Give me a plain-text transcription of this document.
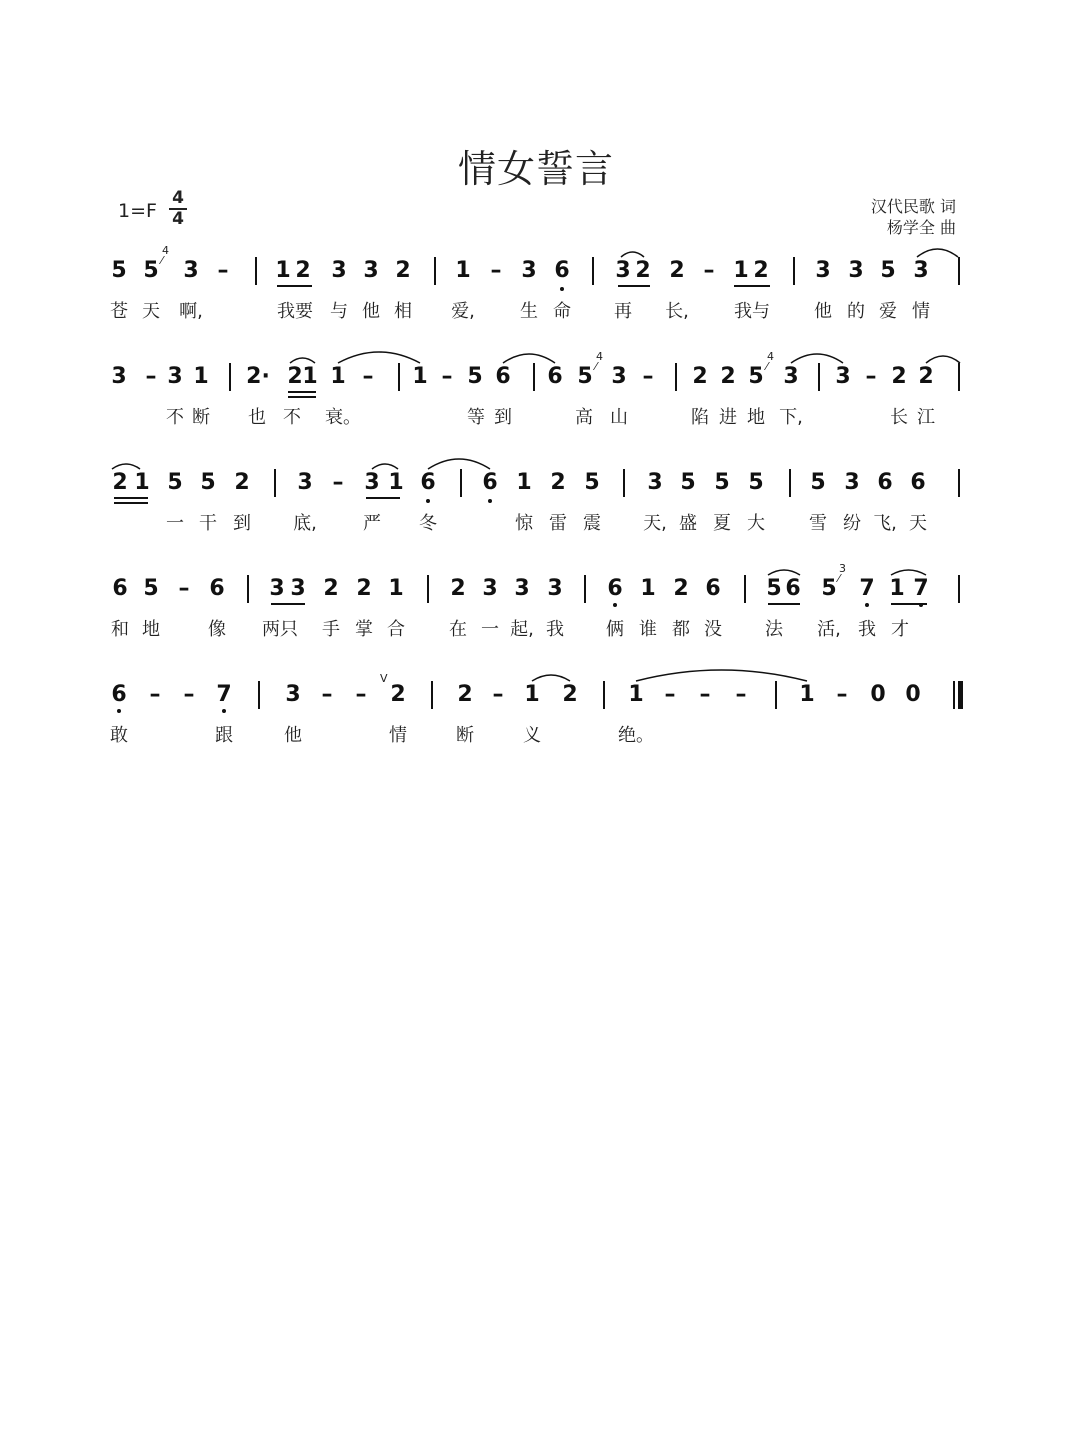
情女誓言
1=F
4
4
汉代民歌 词
杨学全 曲
5 5 3 – 1 2 3 3 2 1 – 3 6 3 2 2 – 1 2 3 3 5 3
4
⁄
苍 天 啊,	我要 与 他 相 爱,	生 命 再 长,	我与 他 的 爱 情
3 – 3 1 2· 2 1 1 – 1 – 5 6 6 5 3 – 2 2 5 3 3 – 2 2
4
⁄
4
⁄
不 断 也 不 衰。	等 到	高 山	陷 进 地 下,	长 江
2 1 5 5 2 3 – 3 1 6 6 1 2 5 3 5 5 5 5 3 6 6
一 干 到 底,	严 冬	惊 雷 震 天, 盛 夏 大 雪 纷 飞, 天
6 5 – 6 3 3 2 2 1 2 3 3 3 6 1 2 6 5 6 5 7 1 7
3
⁄
和 地	像 两只 手 掌 合 在 一 起, 我 俩 谁 都 没 法 活, 我 才
6 – – 7 3 – – 2 2 – 1 2 1 – – – 1 – 0 0
V
敢	跟	他	情	断	义	绝。
